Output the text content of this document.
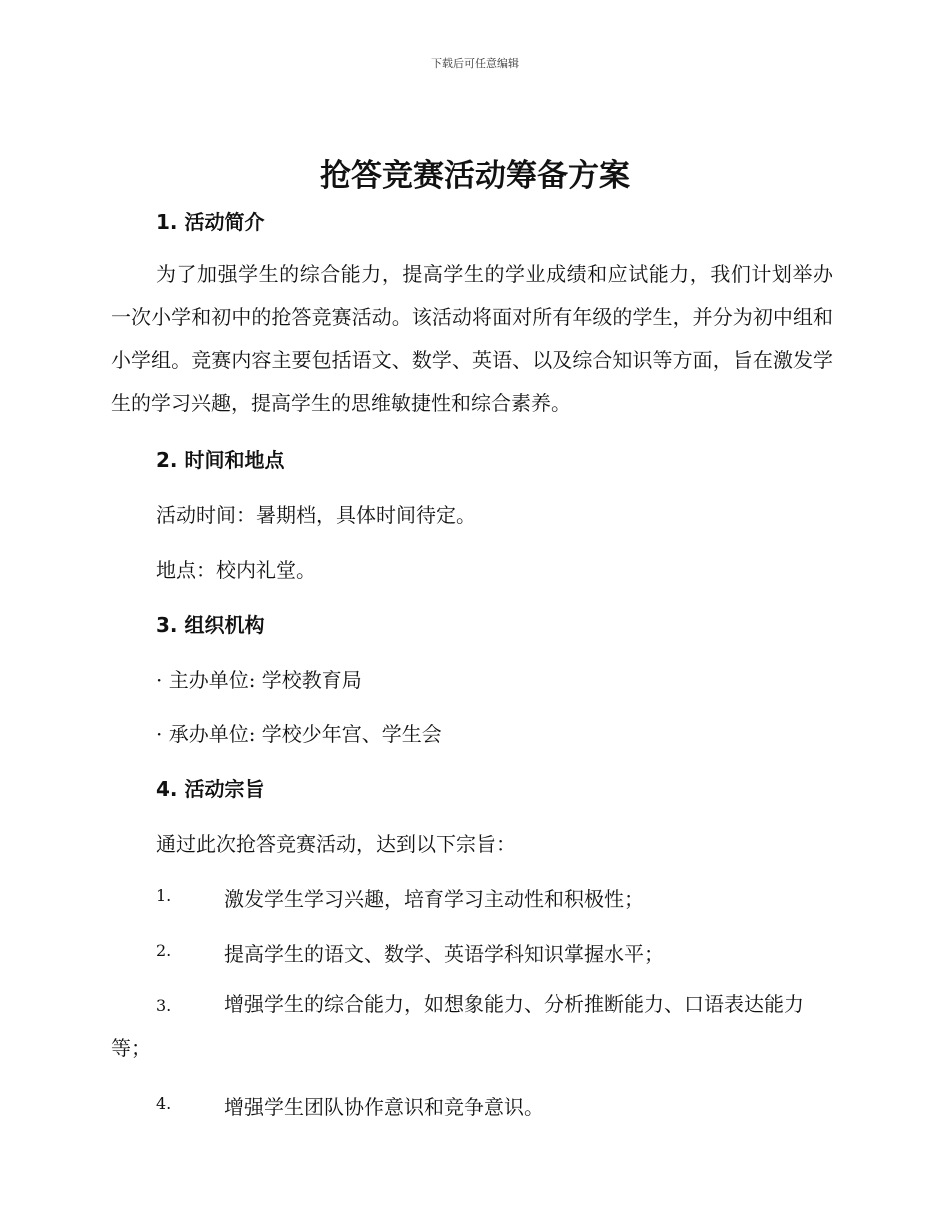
下载后可任意编辑
抢答竞赛活动筹备方案
1. 活动简介
为了加强学生的综合能力，提高学生的学业成绩和应试能力，我们计划举办一次小学和初中的抢答竞赛活动。该活动将面对所有年级的学生，并分为初中组和小学组。竞赛内容主要包括语文、数学、英语、以及综合知识等方面，旨在激发学生的学习兴趣，提高学生的思维敏捷性和综合素养。
2. 时间和地点
活动时间：暑期档，具体时间待定。
地点：校内礼堂。
3. 组织机构
· 主办单位: 学校教育局
· 承办单位: 学校少年宫、学生会
4. 活动宗旨
通过此次抢答竞赛活动，达到以下宗旨：
1.	激发学生学习兴趣，培育学习主动性和积极性；
2.	提高学生的语文、数学、英语学科知识掌握水平；
3.	增强学生的综合能力，如想象能力、分析推断能力、口语表达能力等；
4.	增强学生团队协作意识和竞争意识。
